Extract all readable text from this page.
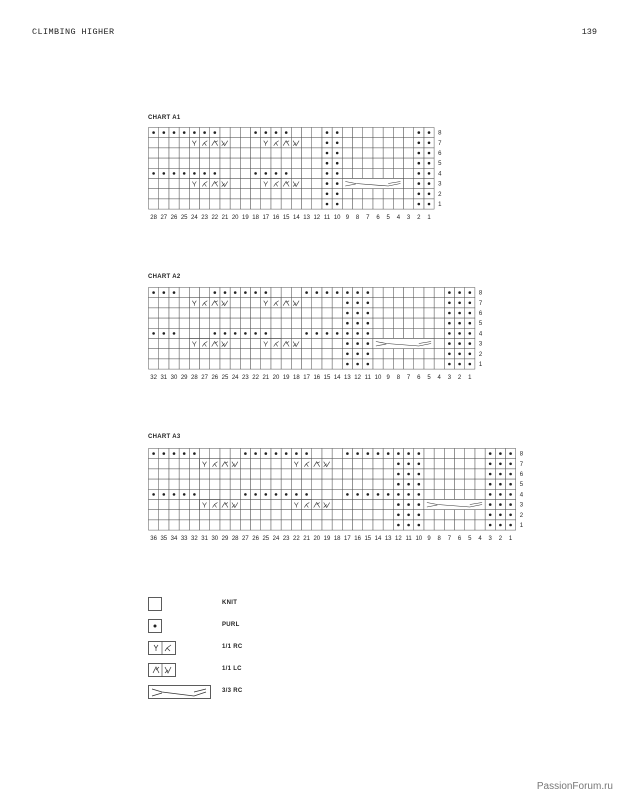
CLIMBING HIGHER	139
CHART A1
8
7
6
5
4
3
2
1
1
2
3
4
5
6
7
8
9
10
11
12
13
14
15
16
17
18
19
20
21
22
23
24
25
26
27
28
CHART A2
8
7
6
5
4
3
2
1
1
2
3
4
5
6
7
8
9
10
11
12
13
14
15
16
17
18
19
20
21
22
23
24
25
26
27
28
29
30
31
32
CHART A3
8
7
6
5
4
3
2
1
1
2
3
4
5
6
7
8
9
10
11
12
13
14
15
16
17
18
19
20
21
22
23
24
25
26
27
28
29
30
31
32
33
34
35
36
KNIT
PURL
1/1 RC
1/1 LC
3/3 RC
PassionForum.ru
